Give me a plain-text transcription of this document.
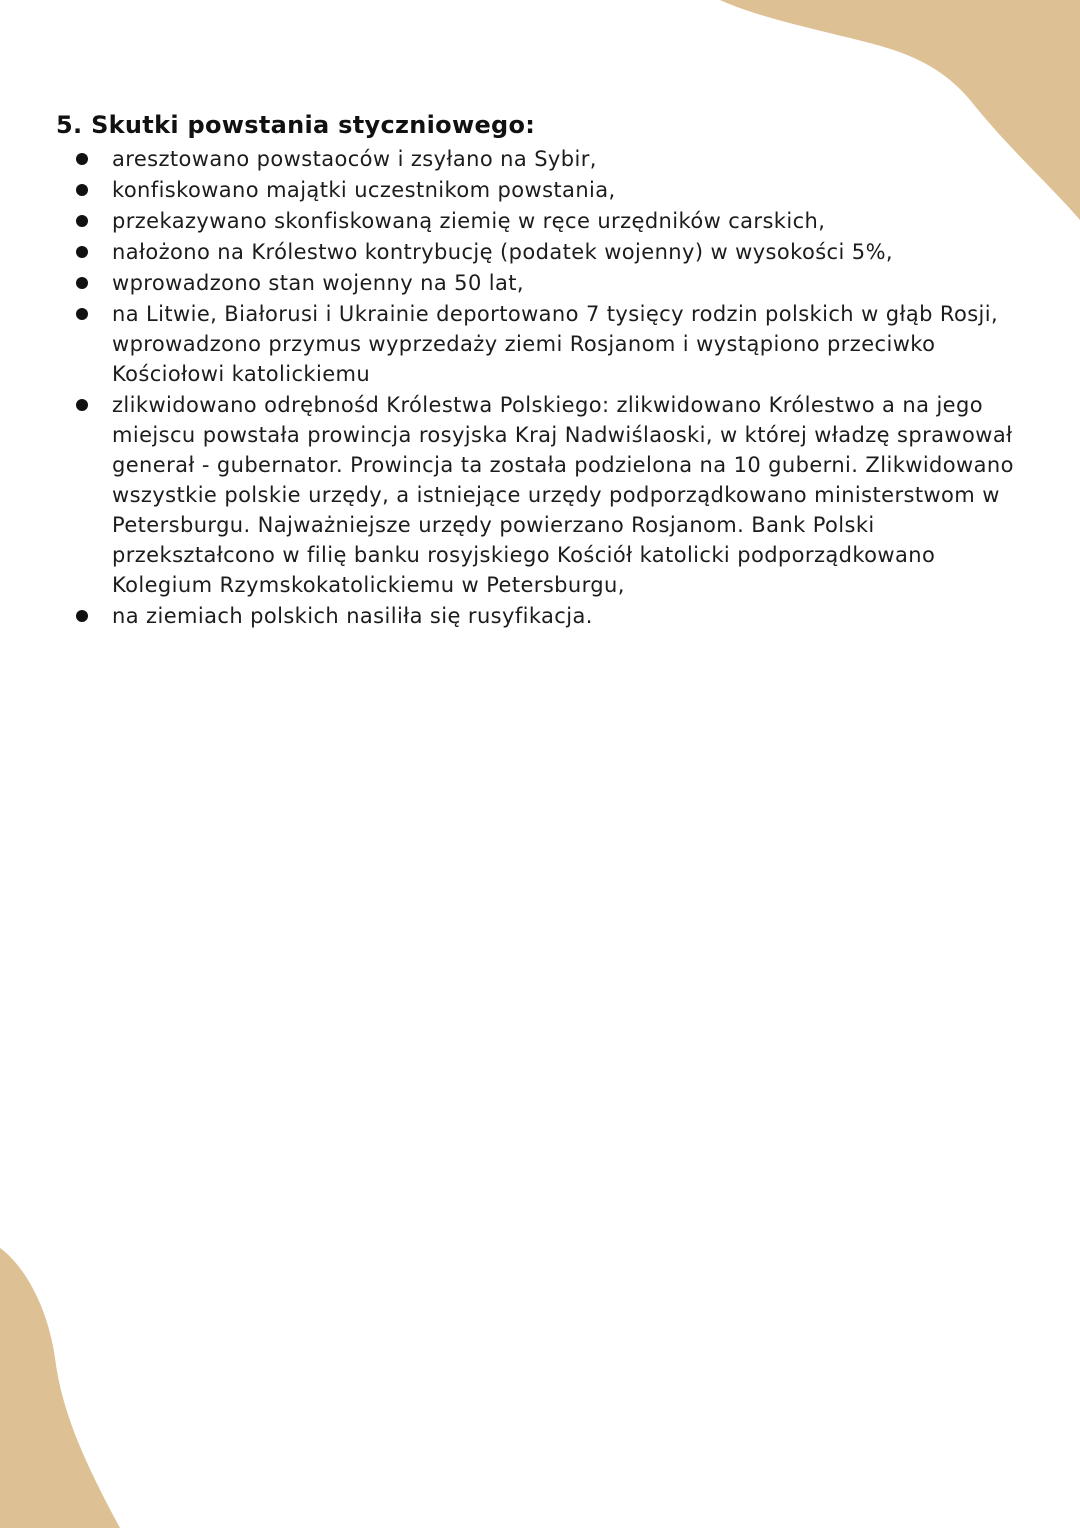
5. Skutki powstania styczniowego:
aresztowano powstaoców i zsyłano na Sybir,
konfiskowano majątki uczestnikom powstania,
przekazywano skonfiskowaną ziemię w ręce urzędników carskich,
nałożono na Królestwo kontrybucję (podatek wojenny) w wysokości 5%,
wprowadzono stan wojenny na 50 lat,
na Litwie, Białorusi i Ukrainie deportowano 7 tysięcy rodzin polskich w głąb Rosji, wprowadzono przymus wyprzedaży ziemi Rosjanom i wystąpiono przeciwko Kościołowi katolickiemu
zlikwidowano odrębnośd Królestwa Polskiego: zlikwidowano Królestwo a na jego miejscu powstała prowincja rosyjska Kraj Nadwiślaoski, w której władzę sprawował generał - gubernator. Prowincja ta została podzielona na 10 guberni. Zlikwidowano wszystkie polskie urzędy, a istniejące urzędy podporządkowano ministerstwom w Petersburgu. Najważniejsze urzędy powierzano Rosjanom. Bank Polski przekształcono w filię banku rosyjskiego Kościół katolicki podporządkowano Kolegium Rzymskokatolickiemu w Petersburgu,
na ziemiach polskich nasiliła się rusyfikacja.
